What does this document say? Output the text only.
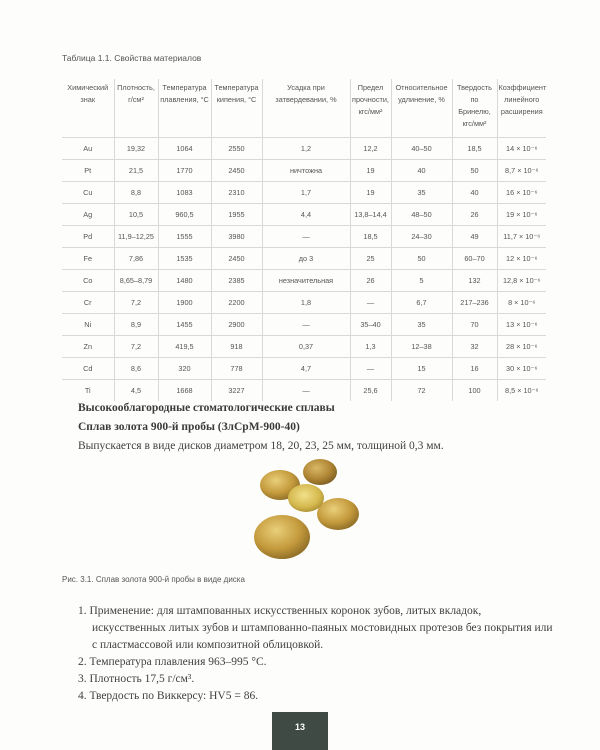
Таблица 1.1. Свойства материалов
Химический знак	Плотность, г/см²	Температура плавления, °С	Температура кипения, °С	Усадка при затвердевании, %	Предел прочности, кгс/мм²	Относительное удлинение, %	Твердость по Бринелю, кгс/мм²	Коэффициент линейного расширения
Au	19,32	1064	2550	1,2	12,2	40–50	18,5	14 × 10⁻⁶
Pt	21,5	1770	2450	ничтожна	19	40	50	8,7 × 10⁻⁶
Cu	8,8	1083	2310	1,7	19	35	40	16 × 10⁻⁶
Ag	10,5	960,5	1955	4,4	13,8–14,4	48–50	26	19 × 10⁻⁶
Pd	11,9–12,25	1555	3980	—	18,5	24–30	49	11,7 × 10⁻⁶
Fe	7,86	1535	2450	до 3	25	50	60–70	12 × 10⁻⁶
Co	8,65–8,79	1480	2385	незначительная	26	5	132	12,8 × 10⁻⁶
Cr	7,2	1900	2200	1,8	—	6,7	217–236	8 × 10⁻⁶
Ni	8,9	1455	2900	—	35–40	35	70	13 × 10⁻⁶
Zn	7,2	419,5	918	0,37	1,3	12–38	32	28 × 10⁻⁶
Cd	8,6	320	778	4,7	—	15	16	30 × 10⁻⁶
Ti	4,5	1668	3227	—	25,6	72	100	8,5 × 10⁻⁶
Высокооблагородные стоматологические сплавы
Сплав золота 900-й пробы (ЗлСрМ-900-40)
Выпускается в виде дисков диаметром 18, 20, 23, 25 мм, толщиной 0,3 мм.
Рис. 3.1. Сплав золота 900-й пробы в виде диска
1. Применение: для штампованных искусственных коронок зубов, литых вкладок, искусственных литых зубов и штампованно-паяных мостовидных протезов без покрытия или с пластмассовой или композитной облицовкой.
2. Температура плавления 963–995 °С.
3. Плотность 17,5 г/см³.
4. Твердость по Виккерсу: HV5 = 86.
13
